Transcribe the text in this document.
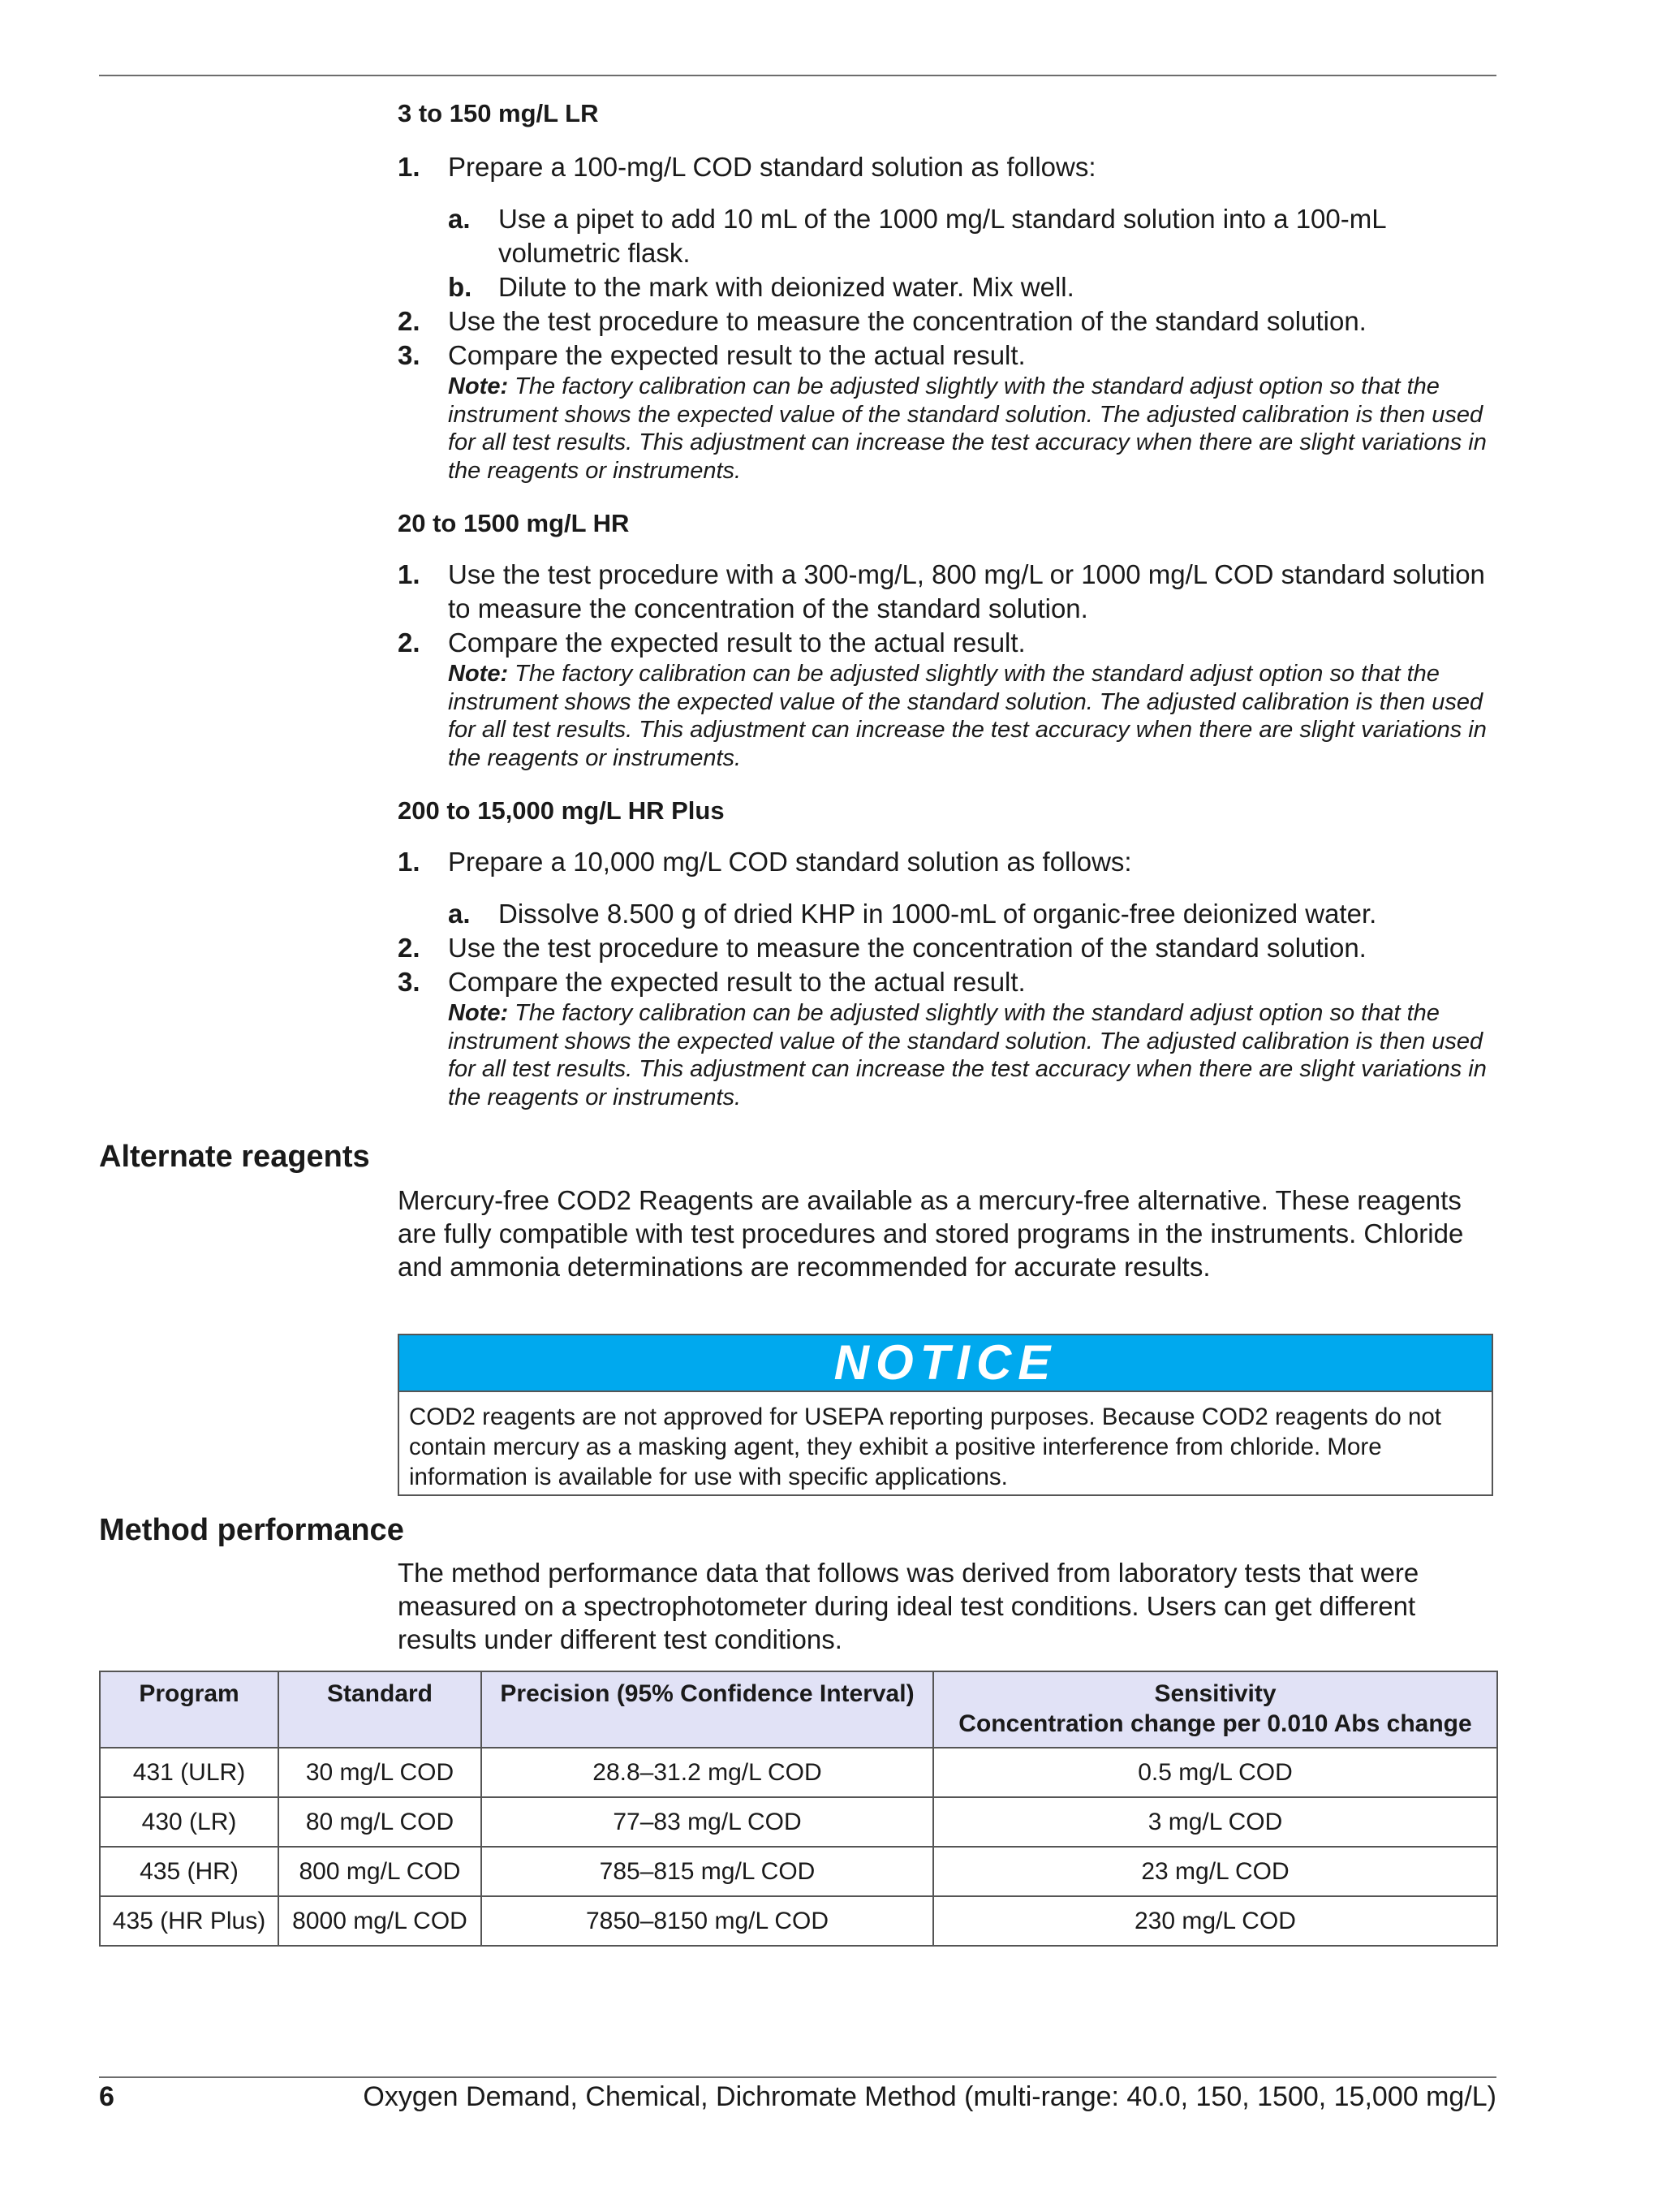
3 to 150 mg/L LR
1. Prepare a 100-mg/L COD standard solution as follows:
a. Use a pipet to add 10 mL of the 1000 mg/L standard solution into a 100-mL volumetric flask.
b. Dilute to the mark with deionized water. Mix well.
2. Use the test procedure to measure the concentration of the standard solution.
3. Compare the expected result to the actual result.
Note: The factory calibration can be adjusted slightly with the standard adjust option so that the instrument shows the expected value of the standard solution. The adjusted calibration is then used for all test results. This adjustment can increase the test accuracy when there are slight variations in the reagents or instruments.
20 to 1500 mg/L HR
1. Use the test procedure with a 300-mg/L, 800 mg/L or 1000 mg/L COD standard solution to measure the concentration of the standard solution.
2. Compare the expected result to the actual result.
Note: The factory calibration can be adjusted slightly with the standard adjust option so that the instrument shows the expected value of the standard solution. The adjusted calibration is then used for all test results. This adjustment can increase the test accuracy when there are slight variations in the reagents or instruments.
200 to 15,000 mg/L HR Plus
1. Prepare a 10,000 mg/L COD standard solution as follows:
a. Dissolve 8.500 g of dried KHP in 1000-mL of organic-free deionized water.
2. Use the test procedure to measure the concentration of the standard solution.
3. Compare the expected result to the actual result.
Note: The factory calibration can be adjusted slightly with the standard adjust option so that the instrument shows the expected value of the standard solution. The adjusted calibration is then used for all test results. This adjustment can increase the test accuracy when there are slight variations in the reagents or instruments.
Alternate reagents
Mercury-free COD2 Reagents are available as a mercury-free alternative. These reagents are fully compatible with test procedures and stored programs in the instruments. Chloride and ammonia determinations are recommended for accurate results.
NOTICE
COD2 reagents are not approved for USEPA reporting purposes. Because COD2 reagents do not contain mercury as a masking agent, they exhibit a positive interference from chloride. More information is available for use with specific applications.
Method performance
The method performance data that follows was derived from laboratory tests that were measured on a spectrophotometer during ideal test conditions. Users can get different results under different test conditions.
Program	Standard	Precision (95% Confidence Interval)	Sensitivity
Concentration change per 0.010 Abs change

431 (ULR)	30 mg/L COD	28.8–31.2 mg/L COD	0.5 mg/L COD
430 (LR)	80 mg/L COD	77–83 mg/L COD	3 mg/L COD
435 (HR)	800 mg/L COD	785–815 mg/L COD	23 mg/L COD
435 (HR Plus)	8000 mg/L COD	7850–8150 mg/L COD	230 mg/L COD
6	Oxygen Demand, Chemical, Dichromate Method (multi-range: 40.0, 150, 1500, 15,000 mg/L)
